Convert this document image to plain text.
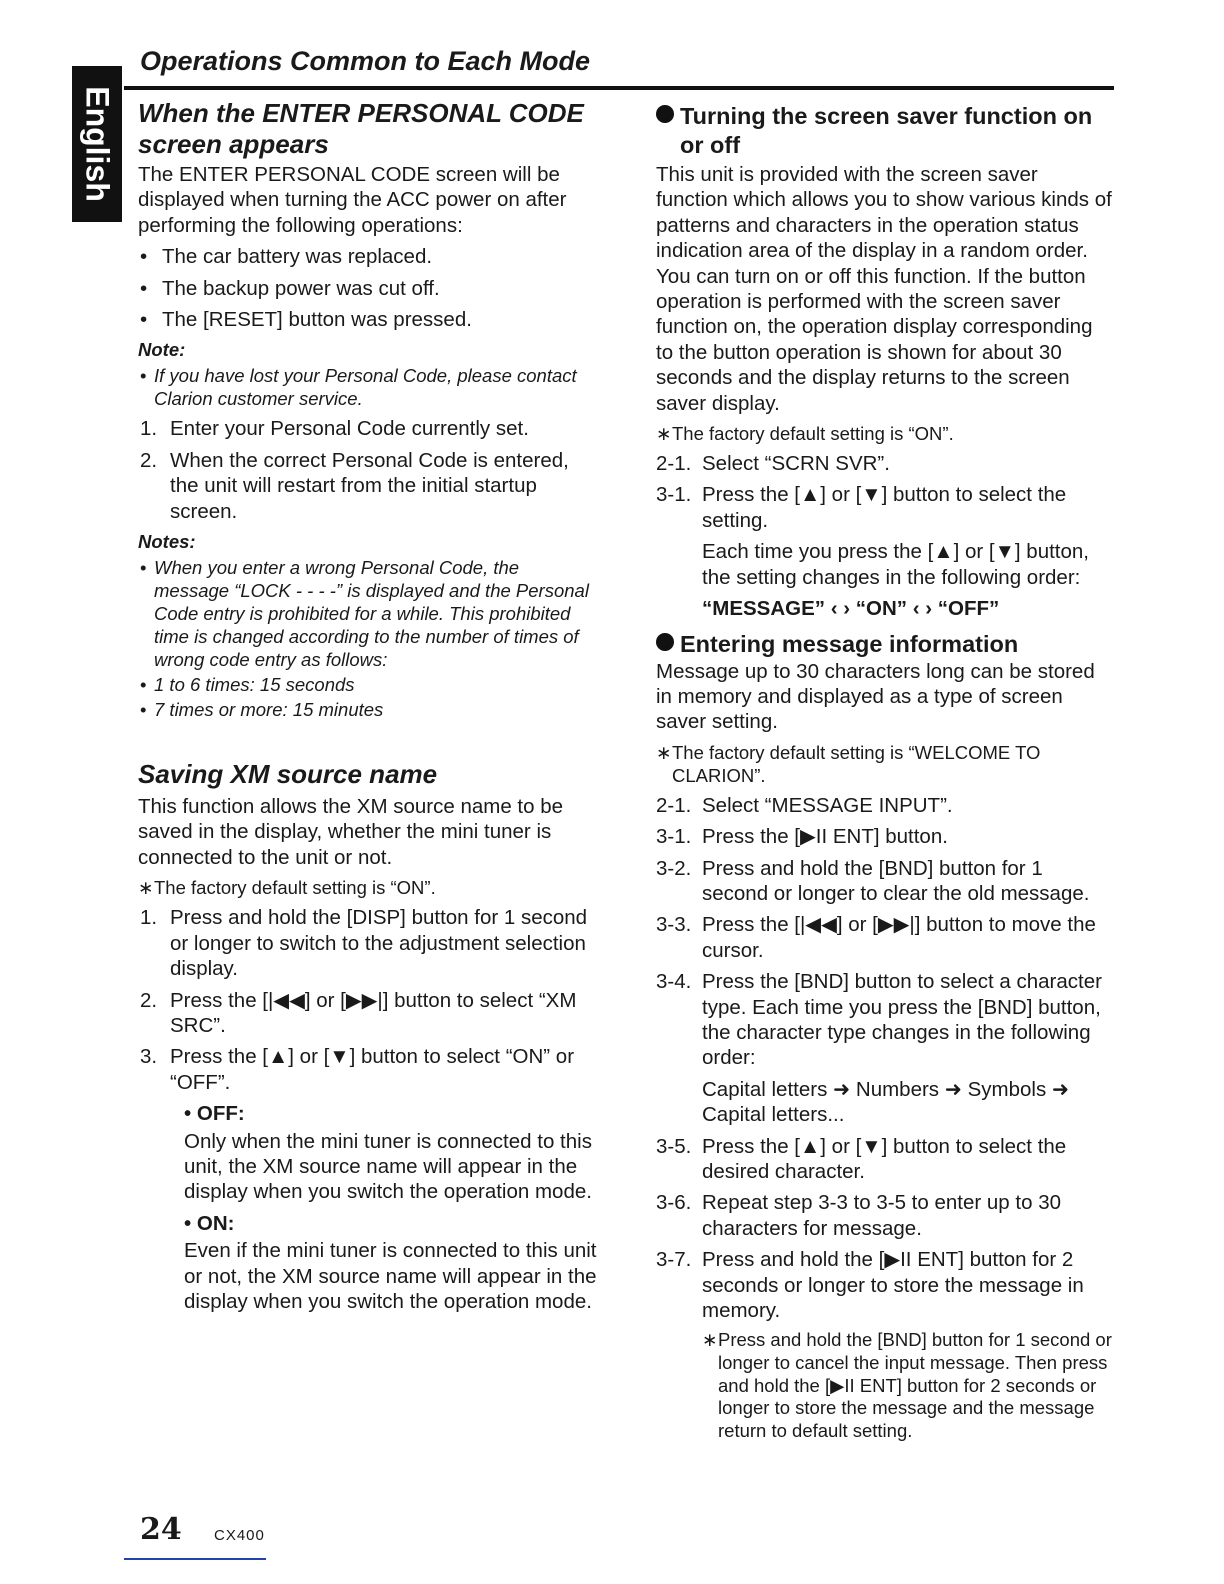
English
Operations Common to Each Mode
When the ENTER PERSONAL CODE
screen appears

The ENTER PERSONAL CODE screen will be displayed when turning the ACC power on after performing the following operations:

• The car battery was replaced.
• The backup power was cut off.
• The [RESET] button was pressed.
Note:
• If you have lost your Personal Code, please contact Clarion customer service.
1. Enter your Personal Code currently set.
2. When the correct Personal Code is entered, the unit will restart from the initial startup screen.
Notes:
• When you enter a wrong Personal Code, the message “LOCK - - - -” is displayed and the Personal Code entry is prohibited for a while. This prohibited time is changed according to the number of times of wrong code entry as follows:
• 1 to 6 times: 15 seconds
• 7 times or more: 15 minutes
Saving XM source name

This function allows the XM source name to be saved in the display, whether the mini tuner is connected to the unit or not.

∗ The factory default setting is “ON”.
1. Press and hold the [DISP] button for 1 second or longer to switch to the adjustment selection display.
2. Press the [|◀◀] or [▶▶|] button to select “XM SRC”.
3. Press the [▲] or [▼] button to select “ON” or “OFF”.
• OFF:
Only when the mini tuner is connected to this unit, the XM source name will appear in the display when you switch the operation mode.
• ON:
Even if the mini tuner is connected to this unit or not, the XM source name will appear in the display when you switch the operation mode.
Turning the screen saver function on
or off

This unit is provided with the screen saver function which allows you to show various kinds of patterns and characters in the operation status indication area of the display in a random order. You can turn on or off this function. If the button operation is performed with the screen saver function on, the operation display corresponding to the button operation is shown for about 30 seconds and the display returns to the screen saver display.

∗ The factory default setting is “ON”.
2-1. Select “SCRN SVR”.
3-1. Press the [▲] or [▼] button to select the setting.
Each time you press the [▲] or [▼] button, the setting changes in the following order:
“MESSAGE” ‹ › “ON” ‹ › “OFF”
Entering message information

Message up to 30 characters long can be stored in memory and displayed as a type of screen saver setting.

∗ The factory default setting is “WELCOME TO CLARION”.
2-1. Select “MESSAGE INPUT”.
3-1. Press the [▶II ENT] button.
3-2. Press and hold the [BND] button for 1 second or longer to clear the old message.
3-3. Press the [|◀◀] or [▶▶|] button to move the cursor.
3-4. Press the [BND] button to select a character type. Each time you press the [BND] button, the character type changes in the following order:
Capital letters ➜ Numbers ➜ Symbols ➜ Capital letters...
3-5. Press the [▲] or [▼] button to select the desired character.
3-6. Repeat step 3-3 to 3-5 to enter up to 30 characters for message.
3-7. Press and hold the [▶II ENT] button for 2 seconds or longer to store the message in memory.
∗ Press and hold the [BND] button for 1 second or longer to cancel the input message. Then press and hold the [▶II ENT] button for 2 seconds or longer to store the message and the message return to default setting.
24 CX400
